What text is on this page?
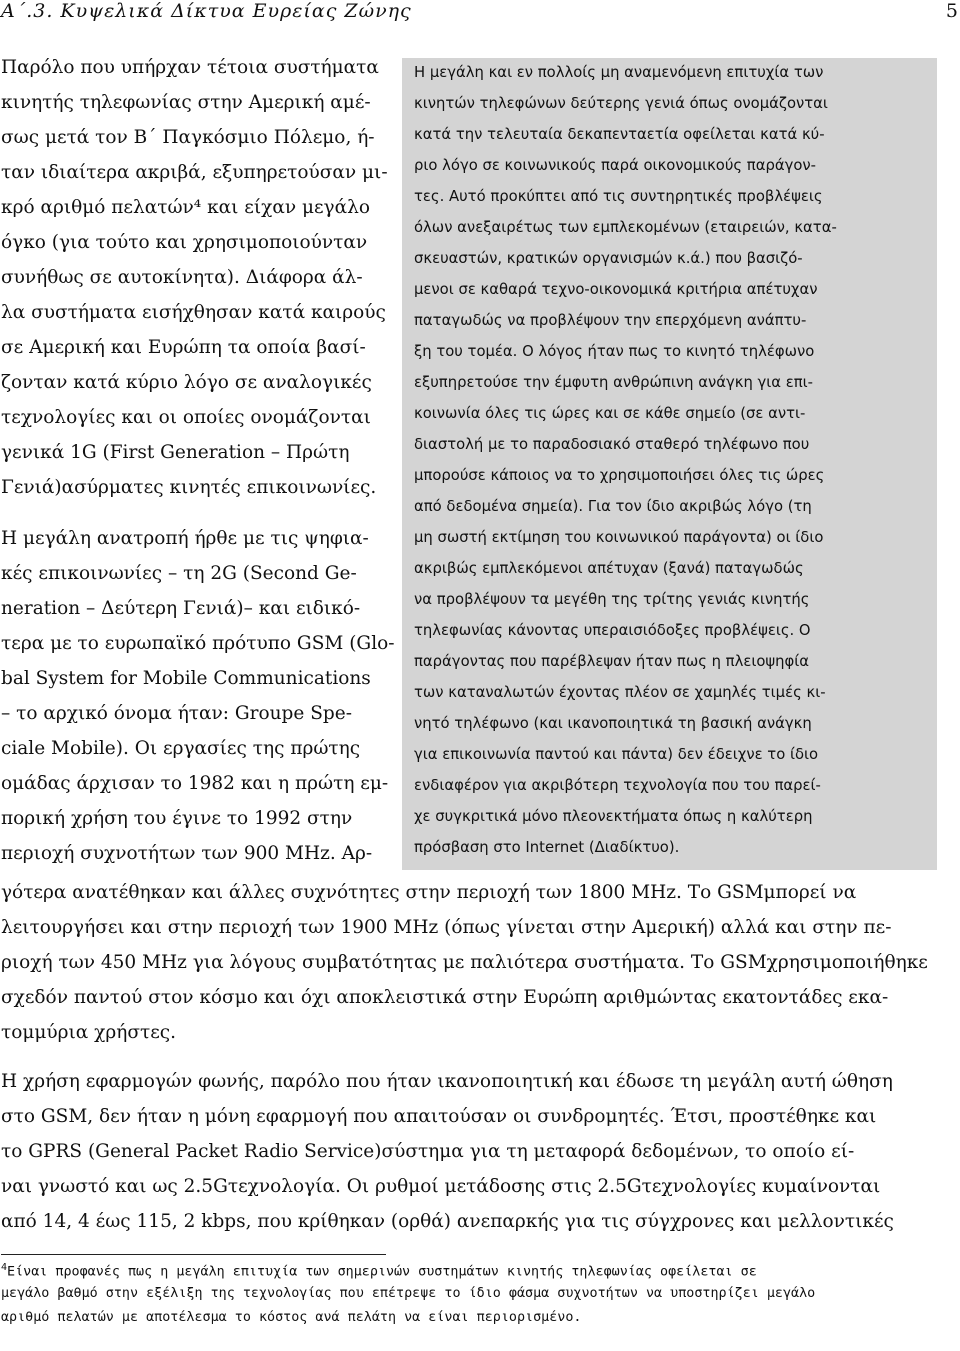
Α΄.3. Κυψελικά Δίκτυα Ευρείας Ζώνης	5
Παρόλο που υπήρχαν τέτοια συστήματα
κινητής τηλεφωνίας στην Αμερική αμέ-
σως μετά τον Β΄ Παγκόσμιο Πόλεμο, ή-
ταν ιδιαίτερα ακριβά, εξυπηρετούσαν μι-
κρό αριθμό πελατών⁴ και είχαν μεγάλο
όγκο (για τούτο και χρησιμοποιούνταν
συνήθως σε αυτοκίνητα). Διάφορα άλ-
λα συστήματα εισήχθησαν κατά καιρούς
σε Αμερική και Ευρώπη τα οποία βασί-
ζονταν κατά κύριο λόγο σε αναλογικές
τεχνολογίες και οι οποίες ονομάζονται
γενικά 1G (First Generation – Πρώτη
Γενιά)ασύρματες κινητές επικοινωνίες.
Η μεγάλη ανατροπή ήρθε με τις ψηφια-
κές επικοινωνίες – τη 2G (Second Ge-
neration – Δεύτερη Γενιά)– και ειδικό-
τερα με το ευρωπαϊκό πρότυπο GSM (Glo-
bal System for Mobile Communications
– το αρχικό όνομα ήταν: Groupe Spe-
ciale Mobile). Οι εργασίες της πρώτης
ομάδας άρχισαν το 1982 και η πρώτη εμ-
πορική χρήση του έγινε το 1992 στην
περιοχή συχνοτήτων των 900 MHz. Αρ-
Η μεγάλη και εν πολλοίς μη αναμενόμενη επιτυχία των
κινητών τηλεφώνων δεύτερης γενιά όπως ονομάζονται
κατά την τελευταία δεκαπενταετία οφείλεται κατά κύ-
ριο λόγο σε κοινωνικούς παρά οικονομικούς παράγον-
τες. Αυτό προκύπτει από τις συντηρητικές προβλέψεις
όλων ανεξαιρέτως των εμπλεκομένων (εταιρειών, κατα-
σκευαστών, κρατικών οργανισμών κ.ά.) που βασιζό-
μενοι σε καθαρά τεχνο-οικονομικά κριτήρια απέτυχαν
παταγωδώς να προβλέψουν την επερχόμενη ανάπτυ-
ξη του τομέα. Ο λόγος ήταν πως το κινητό τηλέφωνο
εξυπηρετούσε την έμφυτη ανθρώπινη ανάγκη για επι-
κοινωνία όλες τις ώρες και σε κάθε σημείο (σε αντι-
διαστολή με το παραδοσιακό σταθερό τηλέφωνο που
μπορούσε κάποιος να το χρησιμοποιήσει όλες τις ώρες
από δεδομένα σημεία). Για τον ίδιο ακριβώς λόγο (τη
μη σωστή εκτίμηση του κοινωνικού παράγοντα) οι ίδιο
ακριβώς εμπλεκόμενοι απέτυχαν (ξανά) παταγωδώς
να προβλέψουν τα μεγέθη της τρίτης γενιάς κινητής
τηλεφωνίας κάνοντας υπεραισιόδοξες προβλέψεις. Ο
παράγοντας που παρέβλεψαν ήταν πως η πλειοψηφία
των καταναλωτών έχοντας πλέον σε χαμηλές τιμές κι-
νητό τηλέφωνο (και ικανοποιητικά τη βασική ανάγκη
για επικοινωνία παντού και πάντα) δεν έδειχνε το ίδιο
ενδιαφέρον για ακριβότερη τεχνολογία που του παρεί-
χε συγκριτικά μόνο πλεονεκτήματα όπως η καλύτερη
πρόσβαση στο Internet (Διαδίκτυο).
γότερα ανατέθηκαν και άλλες συχνότητες στην περιοχή των 1800 MHz. Το GSMμπορεί να
λειτουργήσει και στην περιοχή των 1900 MHz (όπως γίνεται στην Αμερική) αλλά και στην πε-
ριοχή των 450 MHz για λόγους συμβατότητας με παλιότερα συστήματα. Το GSMχρησιμοποιήθηκε
σχεδόν παντού στον κόσμο και όχι αποκλειστικά στην Ευρώπη αριθμώντας εκατοντάδες εκα-
τομμύρια χρήστες.
Η χρήση εφαρμογών φωνής, παρόλο που ήταν ικανοποιητική και έδωσε τη μεγάλη αυτή ώθηση
στο GSM, δεν ήταν η μόνη εφαρμογή που απαιτούσαν οι συνδρομητές. Έτσι, προστέθηκε και
το GPRS (General Packet Radio Service)σύστημα για τη μεταφορά δεδομένων, το οποίο εί-
ναι γνωστό και ως 2.5Gτεχνολογία. Οι ρυθμοί μετάδοσης στις 2.5Gτεχνολογίες κυμαίνονται
από 14, 4 έως 115, 2 kbps, που κρίθηκαν (ορθά) ανεπαρκής για τις σύγχρονες και μελλοντικές
$^4$Είναι προφανές πως η μεγάλη επιτυχία των σημερινών συστημάτων κινητής τηλεφωνίας οφείλεται σε
μεγάλο βαθμό στην εξέλιξη της τεχνολογίας που επέτρεψε το ίδιο φάσμα συχνοτήτων να υποστηρίζει μεγάλο
αριθμό πελατών με αποτέλεσμα το κόστος ανά πελάτη να είναι περιορισμένο.
